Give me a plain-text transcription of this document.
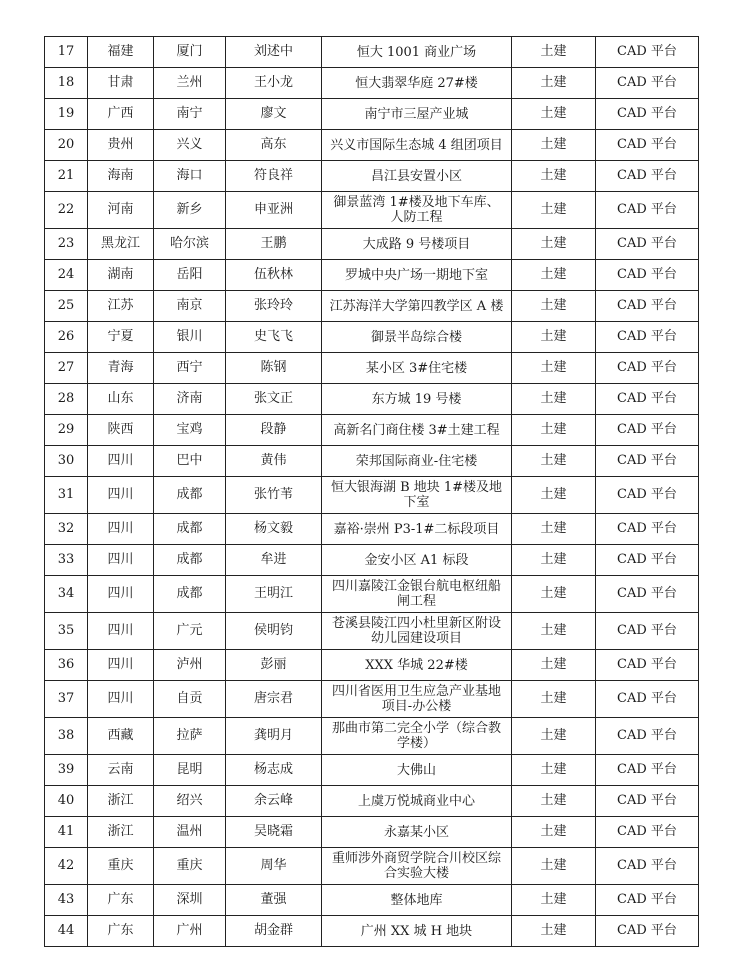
17	福建	厦门	刘述中	恒大 1001 商业广场	土建	CAD 平台
18	甘肃	兰州	王小龙	恒大翡翠华庭 27#楼	土建	CAD 平台
19	广西	南宁	廖文	南宁市三屋产业城	土建	CAD 平台
20	贵州	兴义	高东	兴义市国际生态城 4 组团项目	土建	CAD 平台
21	海南	海口	符良祥	昌江县安置小区	土建	CAD 平台
22	河南	新乡	申亚洲	御景蓝湾 1#楼及地下车库、人防工程	土建	CAD 平台
23	黑龙江	哈尔滨	王鹏	大成路 9 号楼项目	土建	CAD 平台
24	湖南	岳阳	伍秋林	罗城中央广场一期地下室	土建	CAD 平台
25	江苏	南京	张玲玲	江苏海洋大学第四教学区 A 楼	土建	CAD 平台
26	宁夏	银川	史飞飞	御景半岛综合楼	土建	CAD 平台
27	青海	西宁	陈钢	某小区 3#住宅楼	土建	CAD 平台
28	山东	济南	张文正	东方城 19 号楼	土建	CAD 平台
29	陕西	宝鸡	段静	高新名门商住楼 3#土建工程	土建	CAD 平台
30	四川	巴中	黄伟	荣邦国际商业-住宅楼	土建	CAD 平台
31	四川	成都	张竹苇	恒大银海湖 B 地块 1#楼及地下室	土建	CAD 平台
32	四川	成都	杨文毅	嘉裕·崇州 P3-1#二标段项目	土建	CAD 平台
33	四川	成都	牟进	金安小区 A1 标段	土建	CAD 平台
34	四川	成都	王明江	四川嘉陵江金银台航电枢纽船闸工程	土建	CAD 平台
35	四川	广元	侯明钧	苍溪县陵江四小杜里新区附设幼儿园建设项目	土建	CAD 平台
36	四川	泸州	彭丽	XXX 华城 22#楼	土建	CAD 平台
37	四川	自贡	唐宗君	四川省医用卫生应急产业基地项目-办公楼	土建	CAD 平台
38	西藏	拉萨	龚明月	那曲市第二完全小学（综合教学楼）	土建	CAD 平台
39	云南	昆明	杨志成	大佛山	土建	CAD 平台
40	浙江	绍兴	余云峰	上虞万悦城商业中心	土建	CAD 平台
41	浙江	温州	吴晓霜	永嘉某小区	土建	CAD 平台
42	重庆	重庆	周华	重师涉外商贸学院合川校区综合实验大楼	土建	CAD 平台
43	广东	深圳	董强	整体地库	土建	CAD 平台
44	广东	广州	胡金群	广州 XX 城 H 地块	土建	CAD 平台
